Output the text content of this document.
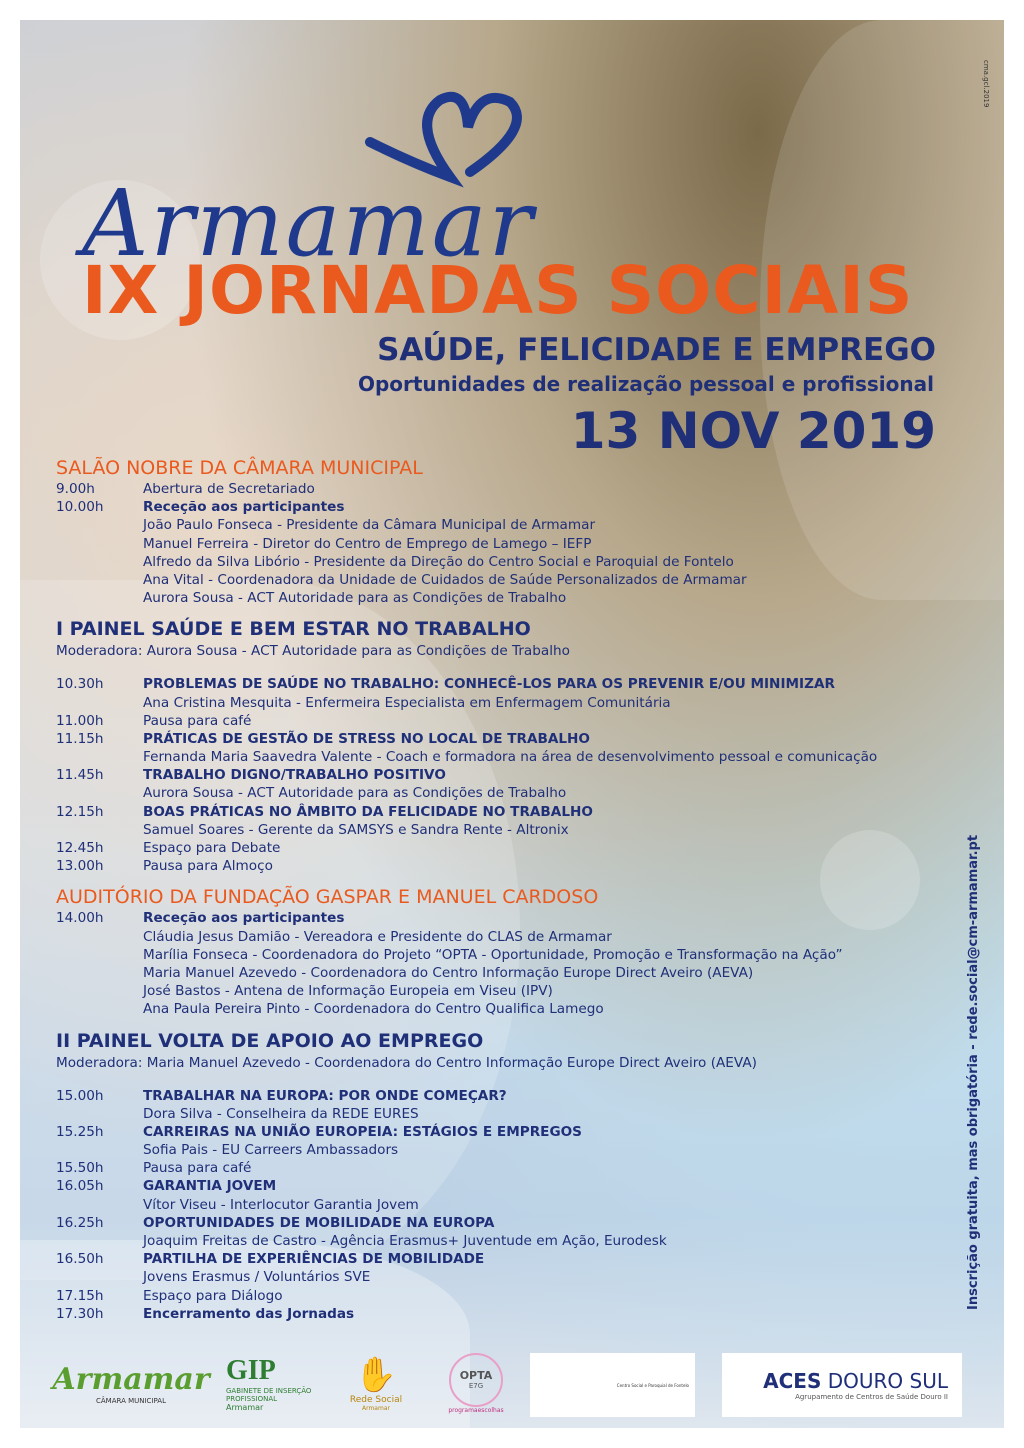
cma.gcl.2019
Armamar
IX JORNADAS SOCIAIS
SAÚDE, FELICIDADE E EMPREGO
Oportunidades de realização pessoal e profissional
13 NOV 2019
SALÃO NOBRE DA CÂMARA MUNICIPAL
9.00h	Abertura de Secretariado
10.00h	Receção aos participantes
João Paulo Fonseca - Presidente da Câmara Municipal de Armamar
Manuel Ferreira - Diretor do Centro de Emprego de Lamego – IEFP
Alfredo da Silva Libório - Presidente da Direção do Centro Social e Paroquial de Fontelo
Ana Vital - Coordenadora da Unidade de Cuidados de Saúde Personalizados de Armamar
Aurora Sousa - ACT Autoridade para as Condições de Trabalho
I PAINEL SAÚDE E BEM ESTAR NO TRABALHO
Moderadora: Aurora Sousa - ACT Autoridade para as Condições de Trabalho
10.30h	PROBLEMAS DE SAÚDE NO TRABALHO: CONHECÊ-LOS PARA OS PREVENIR E/OU MINIMIZAR
Ana Cristina Mesquita - Enfermeira Especialista em Enfermagem Comunitária
11.00h	Pausa para café
11.15h	PRÁTICAS DE GESTÃO DE STRESS NO LOCAL DE TRABALHO
Fernanda Maria Saavedra Valente - Coach e formadora na área de desenvolvimento pessoal e comunicação
11.45h	TRABALHO DIGNO/TRABALHO POSITIVO
Aurora Sousa - ACT Autoridade para as Condições de Trabalho
12.15h	BOAS PRÁTICAS NO ÂMBITO DA FELICIDADE NO TRABALHO
Samuel Soares - Gerente da SAMSYS e Sandra Rente - Altronix
12.45h	Espaço para Debate
13.00h	Pausa para Almoço
AUDITÓRIO DA FUNDAÇÃO GASPAR E MANUEL CARDOSO
14.00h	Receção aos participantes
Cláudia Jesus Damião - Vereadora e Presidente do CLAS de Armamar
Marília Fonseca - Coordenadora do Projeto “OPTA - Oportunidade, Promoção e Transformação na Ação”
Maria Manuel Azevedo - Coordenadora do Centro Informação Europe Direct Aveiro (AEVA)
José Bastos - Antena de Informação Europeia em Viseu (IPV)
Ana Paula Pereira Pinto - Coordenadora do Centro Qualifica Lamego
II PAINEL VOLTA DE APOIO AO EMPREGO
Moderadora: Maria Manuel Azevedo - Coordenadora do Centro Informação Europe Direct Aveiro (AEVA)
15.00h	TRABALHAR NA EUROPA: POR ONDE COMEÇAR?
Dora Silva - Conselheira da REDE EURES
15.25h	CARREIRAS NA UNIÃO EUROPEIA: ESTÁGIOS E EMPREGOS
Sofia Pais - EU Carreers Ambassadors
15.50h	Pausa para café
16.05h	GARANTIA JOVEM
Vítor Viseu - Interlocutor Garantia Jovem
16.25h	OPORTUNIDADES DE MOBILIDADE NA EUROPA
Joaquim Freitas de Castro - Agência Erasmus+ Juventude em Ação, Eurodesk
16.50h	PARTILHA DE EXPERIÊNCIAS DE MOBILIDADE
Jovens Erasmus / Voluntários SVE
17.15h	Espaço para Diálogo
17.30h	Encerramento das Jornadas
Inscrição gratuita, mas obrigatória - rede.social@cm-armamar.pt
Armamar
CÂMARA MUNICIPAL
GIP
GABINETE DE INSERÇÃO PROFISSIONAL
Armamar
✋
Rede Social
Armamar
OPTA
E7G
programaescolhas
Centro Social e Paroquial de Fontelo	ACES DOURO SUL
Agrupamento de Centros de Saúde Douro II
